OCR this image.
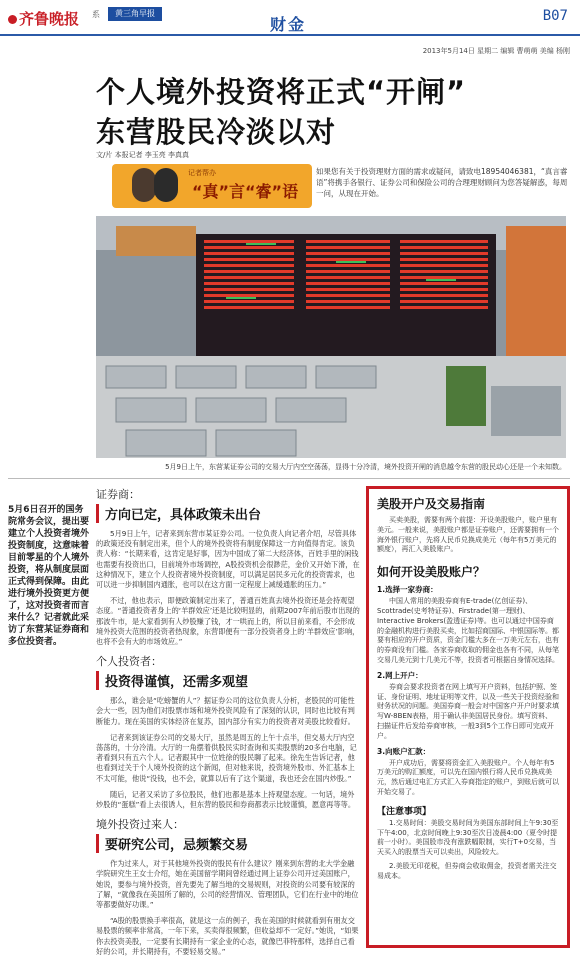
齐鲁晚报 系	黄三角早报
财金	B07
2013年5月14日 星期二 编辑 曹萌萌 美编 杨刚
个人境外投资将正式“开闸”
东营股民冷淡以对
文/片 本报记者 李玉亮 李真真
记者帮办
“真”言“睿”语
如果您有关于投资理财方面的需求或疑问，请致电18954046381，“真言睿语”将携手各银行、证券公司和保险公司的合理理财顾问为您答疑解惑，每周一问，从现在开始。
5月9日上午，东营某证券公司的交易大厅内空空荡荡，显得十分冷清，境外投资开闸的消息越令东营的股民动心还是一个未知数。
5月6日召开的国务院常务会议，提出要建立个人投资者境外投资制度，这意味着目前零星的个人境外投资，将从制度层面正式得到保障。由此进行境外投资更方便了，这对投资者而言来什么？记者就此采访了东营某证券商和多位投资者。
证券商：
方向已定，具体政策未出台

5月9日上午，记者来到东营市某证券公司。一位负责人向记者介绍，尽管具体的政策还没有制定出来，但个人的境外投资将有制度保障这一方向值得肯定。该负责人称：“长期来看，这肯定是好事，因为中国成了第二大经济体，百姓手里的闲钱也需要有投资出口，目前境外市场调控，A股投资机会很渺茫，金价又开始下滑，在这种情况下，建立个人投资者境外投资制度，可以满足居民多元化的投资需求，也可以进一步抑制国内通胀，也可以在这方面一定程度上减缓通胀的压力。”

不过，他也表示，即便政策制定出来了，普通百姓真去境外投资还是会持观望态度。“普通投资者身上的‘羊群效应’还是比较明显的，前期2007年前后股市出现的那波牛市，是大家看到有人炒股赚了钱，才一哄而上的，所以目前来看，不会形成境外投资大范围的投资者热现象，东营即便有一部分投资者身上的‘羊群效应’影响，也将不会有大的市场效应。”

个人投资者：
投资得谨慎，还需多观望

那么，谁会是“吃螃蟹的人”？据证券公司的这位负责人分析，老股民的可能性会大一些，因为他们对股票市场和境外投资风险有了深刻的认识，同时也比较有判断能力。现在美国的实体经济在复苏，国内部分有实力的投资者对美股比较看好。

记者来到该证券公司的交易大厅，虽然是周五的上午十点半，但交易大厅内空荡荡的，十分冷清。大厅的一角摆着供股民实时查询和买卖股票的20多台电脑，记者看到只有五六个人。记者跟其中一位姓徐的股民聊了起来。徐先生告诉记者，他也看到过关于个人境外投资的这个新闻，但对他来说，投资境外股市、外汇基本上不太可能，他说“没钱，也不会，就算以后有了这个渠道，我也还会在国内炒股。”

随后，记者又采访了多位股民，他们也都是基本上持观望态度。一句话，境外炒股的“蛋糕”看上去很诱人，但东营的股民和券商都表示比较谨慎，愿意再等等。

境外投资过来人：
要研究公司，忌频繁交易

作为过来人，对于其他境外投资的股民有什么建议？刚来到东营的北大学金融学院研究生王女士介绍，她在美国留学期间曾经通过网上证券公司开过美国账户，她说，要参与境外投资，首先要先了解当地的交易规则，对投资的公司要有较深的了解，“就像我在美国所了解的，公司的经营情况、管理团队，它们在行业中的地位等都要做好功课。”

“A股的股票换手率很高，就是这一点的例子，我在美国的时候就看到有朋友交易股票的频率非常高，一年下来，买卖得很频繁，但收益却不一定好。”她说，“如果你去投资美股，一定要有长期持有一家企业的心态，就像巴菲特那样，选择自己看好的公司，并长期持有，不要轻易交易。”

美股开户及交易指南

买卖美股，需要有两个前提：开设美股账户，账户里有美元。一般来说，美股账户都是证券账户，还需要拥有一个海外银行账户，先将人民币兑换成美元（每年有5万美元的额度），再汇入美股账户。

如何开设美股账户？
1.选择一家券商：

中国人常用的美股券商有E-trade(亿创证券)、Scottrade(史考特证券)、Firstrade(第一理财)、Interactive Brokers(盈透证券)等。也可以通过中国券商的金融机构进行美股买卖，比如招商国际、中银国际等。都要有相应的开户资质，资金门槛大多在一万美元左右，也有的券商没有门槛。各家券商收取的佣金也各有不同，从每笔交易几美元到十几美元不等，投资者可根据自身情况选择。

2.网上开户：

券商会要求投资者在网上填写开户资料，包括护照、签证、身份证明、地址证明等文件，以及一些关于投资经验和财务状况的问题。美国券商一般会对中国客户开户时要求填写W-8BEN表格，用于确认非美国居民身份。填写资料、扫描证件后发给券商审核，一般3到5个工作日即可完成开户。

3.向账户汇款：

开户成功后，需要将资金汇入美股账户。个人每年有5万美元的购汇额度，可以先在国内银行将人民币兑换成美元，然后通过电汇方式汇入券商指定的账户，到账后就可以开始交易了。

【注意事项】

1.交易时间：美股交易时间为美国东部时间上午9:30至下午4:00，北京时间晚上9:30至次日凌晨4:00（夏令时提前一小时）。美国股市没有涨跌幅限制，实行T+0交易，当天买入的股票当天可以卖出，风险较大。

2.美股无印花税，但券商会收取佣金，投资者需关注交易成本。
